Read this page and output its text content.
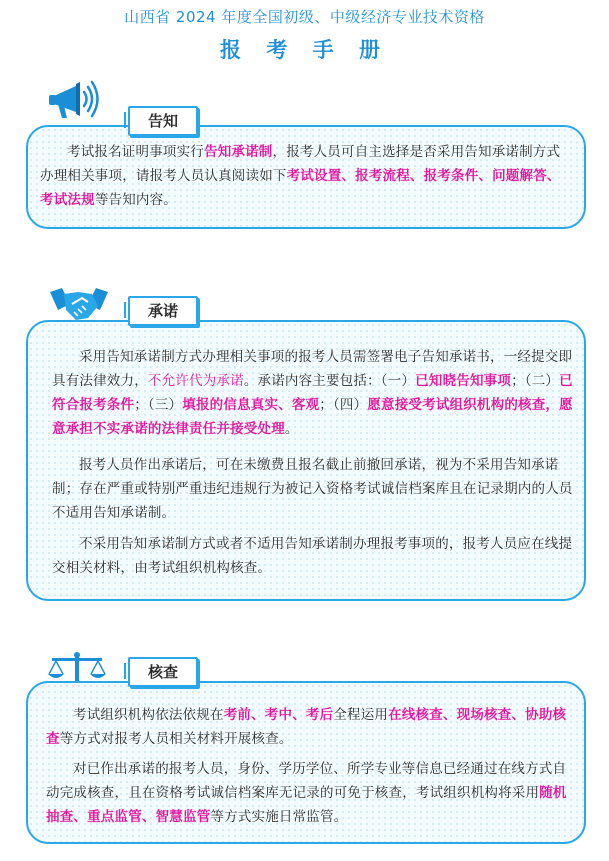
山西省 2024 年度全国初级、中级经济专业技术资格
报 考 手 册
告知
考试报名证明事项实行告知承诺制，报考人员可自主选择是否采用告知承诺制方式办理相关事项，请报考人员认真阅读如下考试设置、报考流程、报考条件、问题解答、考试法规等告知内容。
承诺
采用告知承诺制方式办理相关事项的报考人员需签署电子告知承诺书，一经提交即具有法律效力，不允许代为承诺。承诺内容主要包括：（一）已知晓告知事项；（二）已符合报考条件；（三）填报的信息真实、客观；（四）愿意接受考试组织机构的核查，愿意承担不实承诺的法律责任并接受处理。
报考人员作出承诺后，可在未缴费且报名截止前撤回承诺，视为不采用告知承诺制；存在严重或特别严重违纪违规行为被记入资格考试诚信档案库且在记录期内的人员不适用告知承诺制。
不采用告知承诺制方式或者不适用告知承诺制办理报考事项的，报考人员应在线提交相关材料，由考试组织机构核查。
核查
考试组织机构依法依规在考前、考中、考后全程运用在线核查、现场核查、协助核查等方式对报考人员相关材料开展核查。
对已作出承诺的报考人员，身份、学历学位、所学专业等信息已经通过在线方式自动完成核查，且在资格考试诚信档案库无记录的可免于核查，考试组织机构将采用随机抽查、重点监管、智慧监管等方式实施日常监管。
